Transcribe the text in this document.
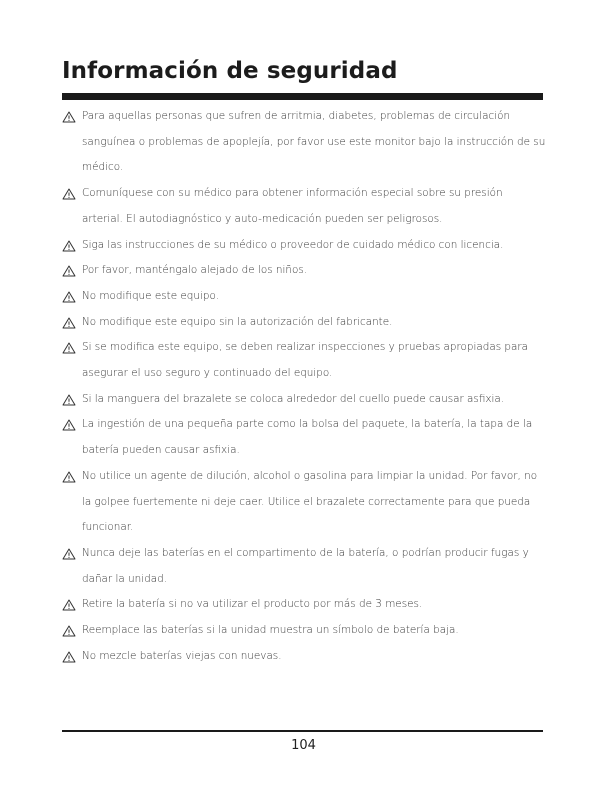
Información de seguridad
Para aquellas personas que sufren de arritmia, diabetes, problemas de circulación sanguínea o problemas de apoplejía, por favor use este monitor bajo la instrucción de su médico.
Comuníquese con su médico para obtener información especial sobre su presión arterial. El autodiagnóstico y auto-medicación pueden ser peligrosos.
Siga las instrucciones de su médico o proveedor de cuidado médico con licencia.
Por favor, manténgalo alejado de los niños.
No modifique este equipo.
No modifique este equipo sin la autorización del fabricante.
Si se modifica este equipo, se deben realizar inspecciones y pruebas apropiadas para asegurar el uso seguro y continuado del equipo.
Si la manguera del brazalete se coloca alrededor del cuello puede causar asfixia.
La ingestión de una pequeña parte como la bolsa del paquete, la batería, la tapa de la batería pueden causar asfixia.
No utilice un agente de dilución, alcohol o gasolina para limpiar la unidad. Por favor, no la golpee fuertemente ni deje caer. Utilice el brazalete correctamente para que pueda funcionar.
Nunca deje las baterías en el compartimento de la batería, o podrían producir fugas y dañar la unidad.
Retire la batería si no va utilizar el producto por más de 3 meses.
Reemplace las baterías si la unidad muestra un símbolo de batería baja.
No mezcle baterías viejas con nuevas.
104
